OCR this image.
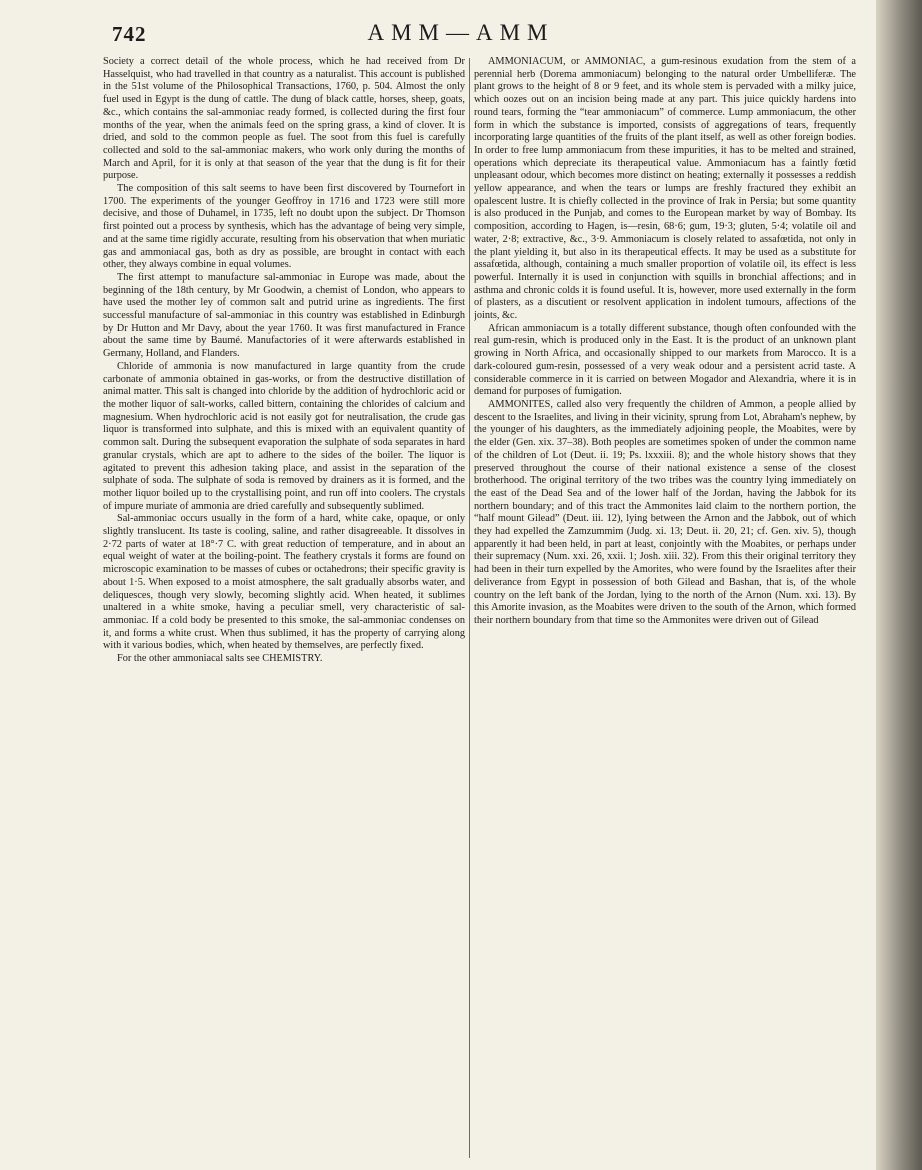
742	AMM—AMM

Society a correct detail of the whole process, which he had received from Dr Hasselquist, who had travelled in that country as a naturalist. This account is published in the 51st volume of the Philosophical Transactions, 1760, p. 504. Almost the only fuel used in Egypt is the dung of cattle. The dung of black cattle, horses, sheep, goats, &c., which contains the sal-ammoniac ready formed, is collected during the first four months of the year, when the animals feed on the spring grass, a kind of clover. It is dried, and sold to the common people as fuel. The soot from this fuel is carefully collected and sold to the sal-ammoniac makers, who work only during the months of March and April, for it is only at that season of the year that the dung is fit for their purpose.

The composition of this salt seems to have been first discovered by Tournefort in 1700. The experiments of the younger Geoffroy in 1716 and 1723 were still more decisive, and those of Duhamel, in 1735, left no doubt upon the subject. Dr Thomson first pointed out a process by synthesis, which has the advantage of being very simple, and at the same time rigidly accurate, resulting from his observation that when muriatic gas and ammoniacal gas, both as dry as possible, are brought in contact with each other, they always combine in equal volumes.

The first attempt to manufacture sal-ammoniac in Europe was made, about the beginning of the 18th century, by Mr Goodwin, a chemist of London, who appears to have used the mother ley of common salt and putrid urine as ingredients. The first successful manufacture of sal-ammoniac in this country was established in Edinburgh by Dr Hutton and Mr Davy, about the year 1760. It was first manufactured in France about the same time by Baumé. Manufactories of it were afterwards established in Germany, Holland, and Flanders.

Chloride of ammonia is now manufactured in large quantity from the crude carbonate of ammonia obtained in gas-works, or from the destructive distillation of animal matter. This salt is changed into chloride by the addition of hydrochloric acid or the mother liquor of salt-works, called bittern, containing the chlorides of calcium and magnesium. When hydrochloric acid is not easily got for neutralisation, the crude gas liquor is transformed into sulphate, and this is mixed with an equivalent quantity of common salt. During the subsequent evaporation the sulphate of soda separates in hard granular crystals, which are apt to adhere to the sides of the boiler. The liquor is agitated to prevent this adhesion taking place, and assist in the separation of the sulphate of soda. The sulphate of soda is removed by drainers as it is formed, and the mother liquor boiled up to the crystallising point, and run off into coolers. The crystals of impure muriate of ammonia are dried carefully and subsequently sublimed.

Sal-ammoniac occurs usually in the form of a hard, white cake, opaque, or only slightly translucent. Its taste is cooling, saline, and rather disagreeable. It dissolves in 2·72 parts of water at 18°·7 C. with great reduction of temperature, and in about an equal weight of water at the boiling-point. The feathery crystals it forms are found on microscopic examination to be masses of cubes or octahedrons; their specific gravity is about 1·5. When exposed to a moist atmosphere, the salt gradually absorbs water, and deliquesces, though very slowly, becoming slightly acid. When heated, it sublimes unaltered in a white smoke, having a peculiar smell, very characteristic of sal-ammoniac. If a cold body be presented to this smoke, the sal-ammoniac condenses on it, and forms a white crust. When thus sublimed, it has the property of carrying along with it various bodies, which, when heated by themselves, are perfectly fixed.

For the other ammoniacal salts see CHEMISTRY.

AMMONIACUM, or AMMONIAC, a gum-resinous exudation from the stem of a perennial herb (Dorema ammoniacum) belonging to the natural order Umbelliferæ. The plant grows to the height of 8 or 9 feet, and its whole stem is pervaded with a milky juice, which oozes out on an incision being made at any part. This juice quickly hardens into round tears, forming the “tear ammoniacum” of commerce. Lump ammoniacum, the other form in which the substance is imported, consists of aggregations of tears, frequently incorporating large quantities of the fruits of the plant itself, as well as other foreign bodies. In order to free lump ammoniacum from these impurities, it has to be melted and strained, operations which depreciate its therapeutical value. Ammoniacum has a faintly fœtid unpleasant odour, which becomes more distinct on heating; externally it possesses a reddish yellow appearance, and when the tears or lumps are freshly fractured they exhibit an opalescent lustre. It is chiefly collected in the province of Irak in Persia; but some quantity is also produced in the Punjab, and comes to the European market by way of Bombay. Its composition, according to Hagen, is—resin, 68·6; gum, 19·3; gluten, 5·4; volatile oil and water, 2·8; extractive, &c., 3·9. Ammoniacum is closely related to assafœtida, not only in the plant yielding it, but also in its therapeutical effects. It may be used as a substitute for assafœtida, although, containing a much smaller proportion of volatile oil, its effect is less powerful. Internally it is used in conjunction with squills in bronchial affections; and in asthma and chronic colds it is found useful. It is, however, more used externally in the form of plasters, as a discutient or resolvent application in indolent tumours, affections of the joints, &c.

African ammoniacum is a totally different substance, though often confounded with the real gum-resin, which is produced only in the East. It is the product of an unknown plant growing in North Africa, and occasionally shipped to our markets from Marocco. It is a dark-coloured gum-resin, possessed of a very weak odour and a persistent acrid taste. A considerable commerce in it is carried on between Mogador and Alexandria, where it is in demand for purposes of fumigation.

AMMONITES, called also very frequently the children of Ammon, a people allied by descent to the Israelites, and living in their vicinity, sprung from Lot, Abraham's nephew, by the younger of his daughters, as the immediately adjoining people, the Moabites, were by the elder (Gen. xix. 37–38). Both peoples are sometimes spoken of under the common name of the children of Lot (Deut. ii. 19; Ps. lxxxiii. 8); and the whole history shows that they preserved throughout the course of their national existence a sense of the closest brotherhood. The original territory of the two tribes was the country lying immediately on the east of the Dead Sea and of the lower half of the Jordan, having the Jabbok for its northern boundary; and of this tract the Ammonites laid claim to the northern portion, the “half mount Gilead” (Deut. iii. 12), lying between the Arnon and the Jabbok, out of which they had expelled the Zamzummim (Judg. xi. 13; Deut. ii. 20, 21; cf. Gen. xiv. 5), though apparently it had been held, in part at least, conjointly with the Moabites, or perhaps under their supremacy (Num. xxi. 26, xxii. 1; Josh. xiii. 32). From this their original territory they had been in their turn expelled by the Amorites, who were found by the Israelites after their deliverance from Egypt in possession of both Gilead and Bashan, that is, of the whole country on the left bank of the Jordan, lying to the north of the Arnon (Num. xxi. 13). By this Amorite invasion, as the Moabites were driven to the south of the Arnon, which formed their northern boundary from that time so the Ammonites were driven out of Gilead
